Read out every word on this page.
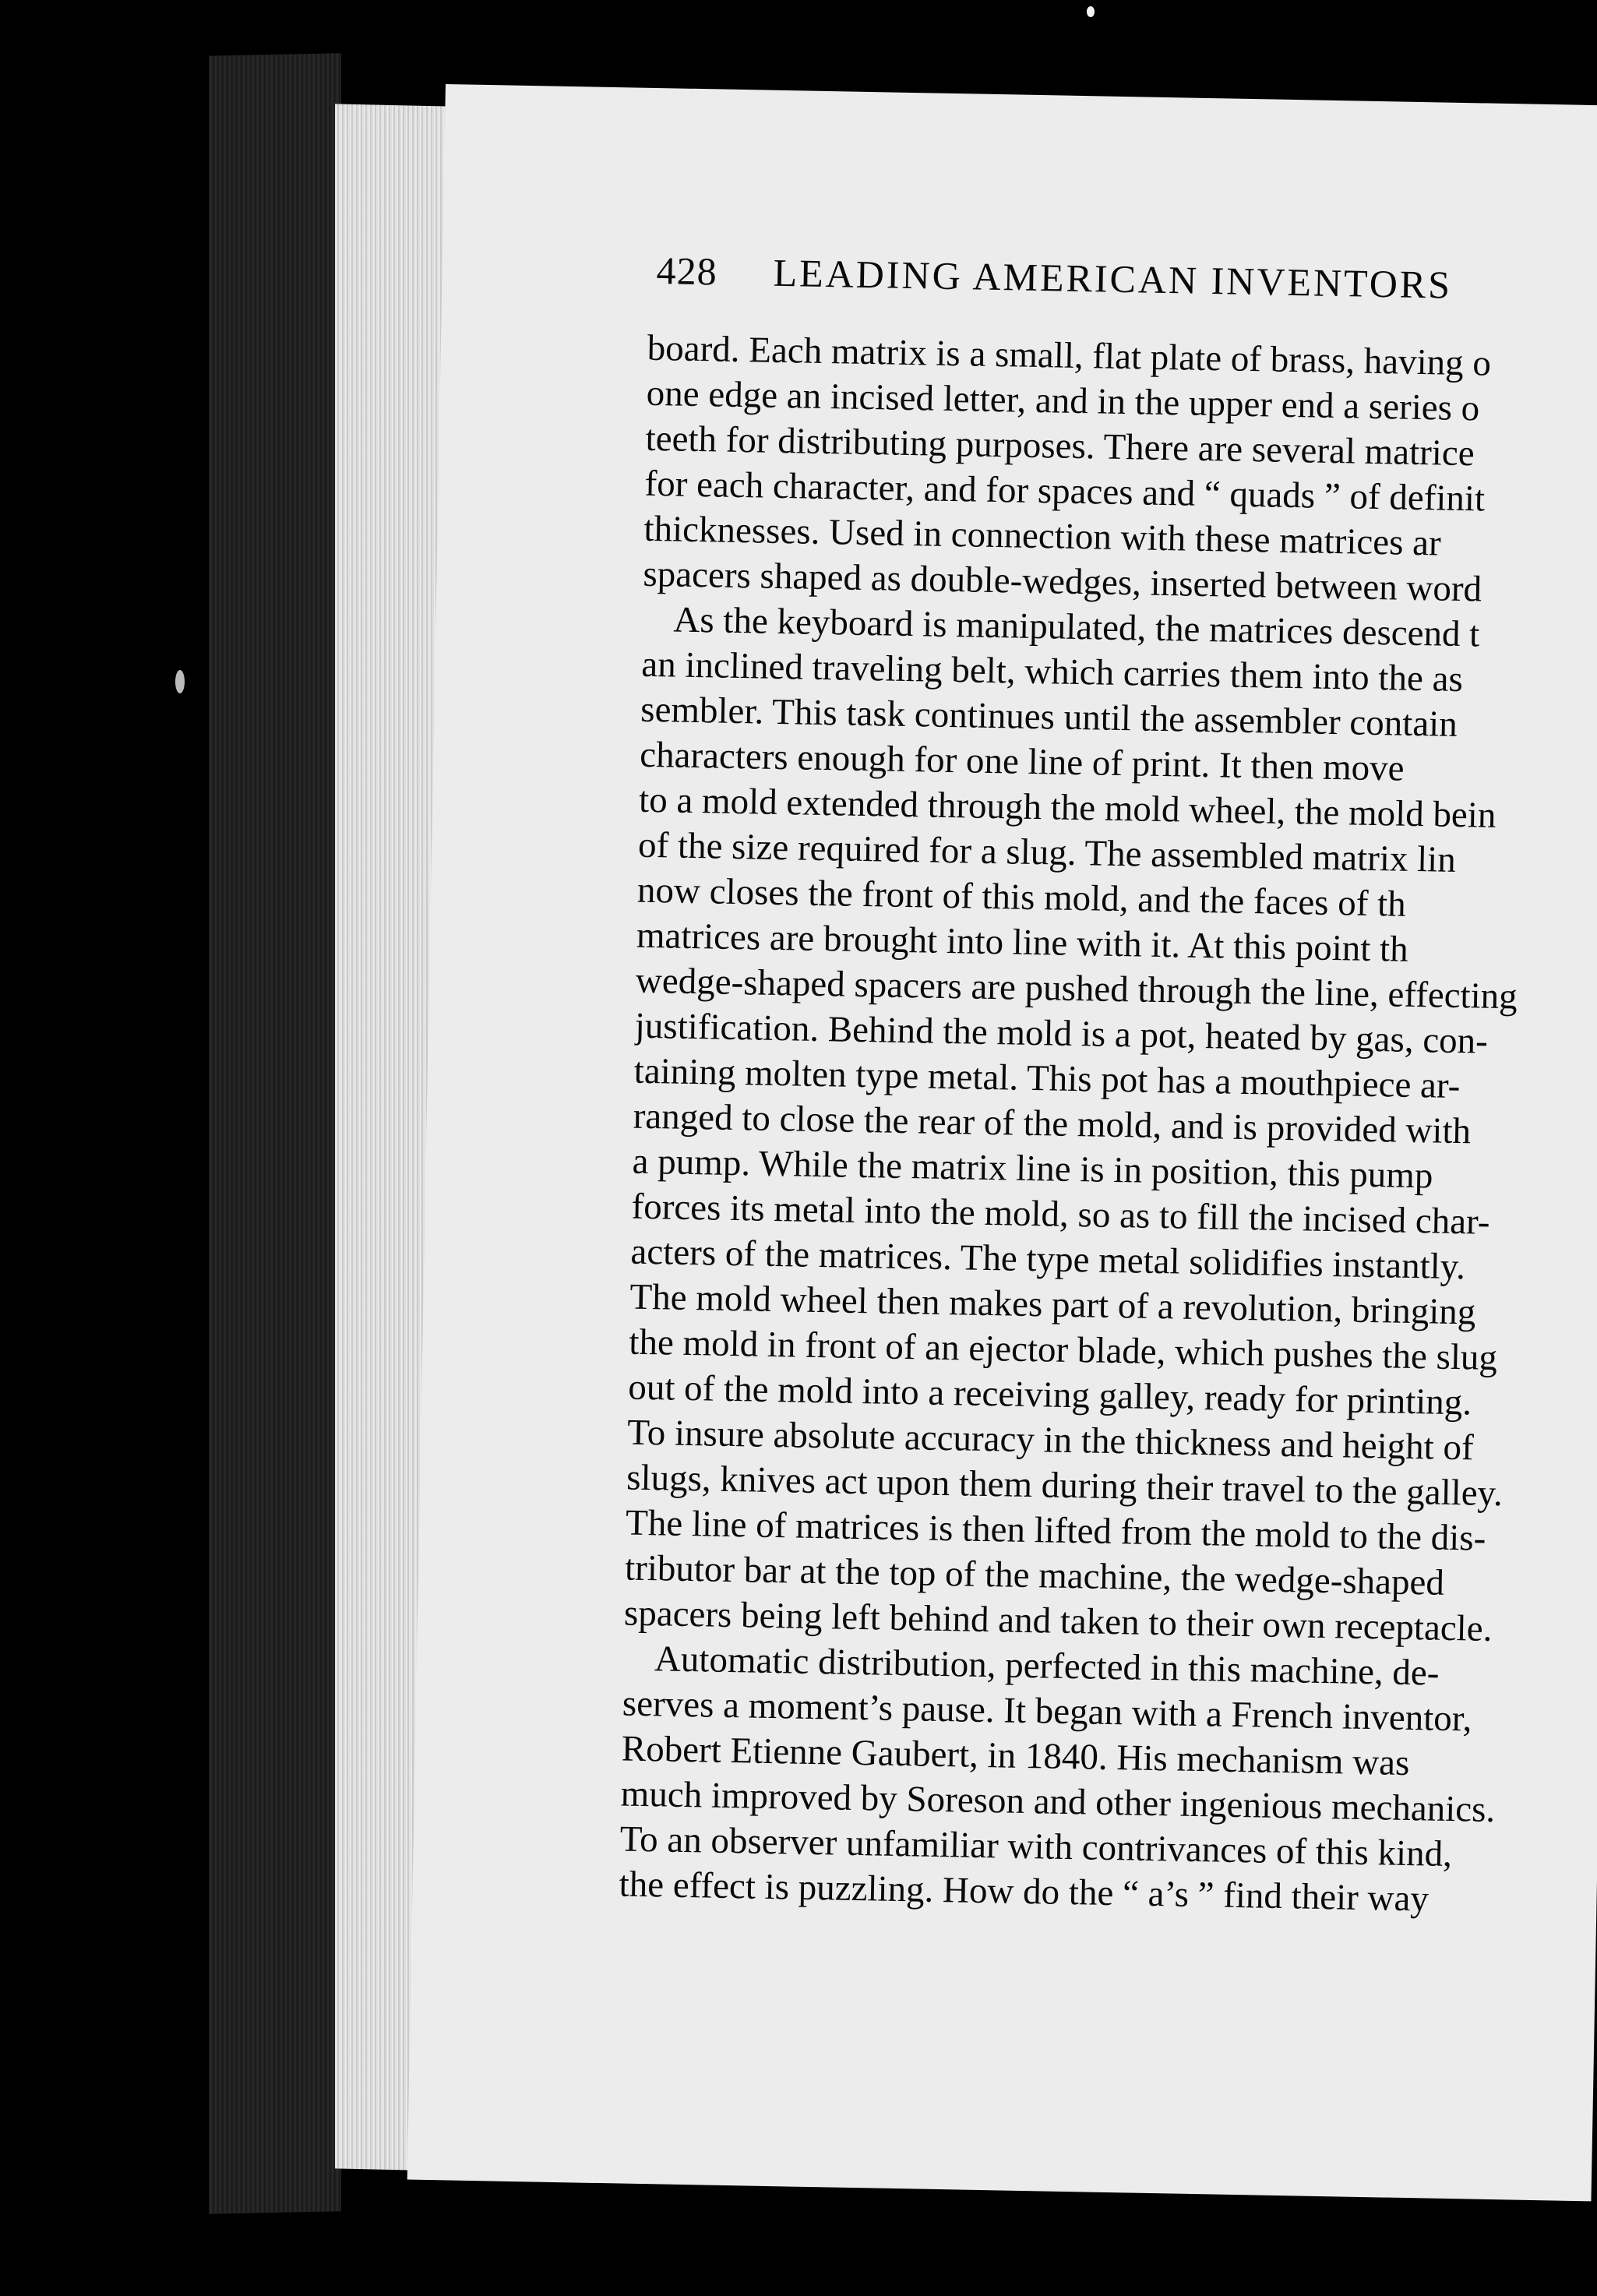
428 LEADING AMERICAN INVENTORS
board. Each matrix is a small, flat plate of brass, having o
one edge an incised letter, and in the upper end a series o
teeth for distributing purposes. There are several matrice
for each character, and for spaces and “ quads ” of definit
thicknesses. Used in connection with these matrices ar
spacers shaped as double-wedges, inserted between word
As the keyboard is manipulated, the matrices descend t
an inclined traveling belt, which carries them into the as
sembler. This task continues until the assembler contain
characters enough for one line of print. It then move
to a mold extended through the mold wheel, the mold bein
of the size required for a slug. The assembled matrix lin
now closes the front of this mold, and the faces of th
matrices are brought into line with it. At this point th
wedge-shaped spacers are pushed through the line, effecting
justification. Behind the mold is a pot, heated by gas, con-
taining molten type metal. This pot has a mouthpiece ar-
ranged to close the rear of the mold, and is provided with
a pump. While the matrix line is in position, this pump
forces its metal into the mold, so as to fill the incised char-
acters of the matrices. The type metal solidifies instantly.
The mold wheel then makes part of a revolution, bringing
the mold in front of an ejector blade, which pushes the slug
out of the mold into a receiving galley, ready for printing.
To insure absolute accuracy in the thickness and height of
slugs, knives act upon them during their travel to the galley.
The line of matrices is then lifted from the mold to the dis-
tributor bar at the top of the machine, the wedge-shaped
spacers being left behind and taken to their own receptacle.
Automatic distribution, perfected in this machine, de-
serves a moment’s pause. It began with a French inventor,
Robert Etienne Gaubert, in 1840. His mechanism was
much improved by Soreson and other ingenious mechanics.
To an observer unfamiliar with contrivances of this kind,
the effect is puzzling. How do the “ a’s ” find their way
